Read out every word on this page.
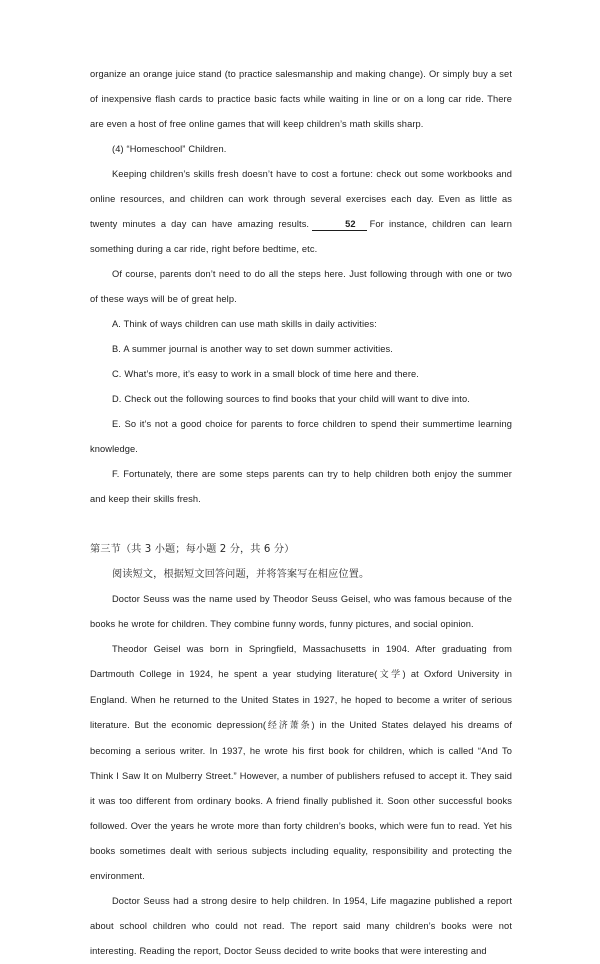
organize an orange juice stand (to practice salesmanship and making change). Or simply buy a set of inexpensive flash cards to practice basic facts while waiting in line or on a long car ride. There are even a host of free online games that will keep children’s math skills sharp.

(4) “Homeschool” Children.

Keeping children’s skills fresh doesn’t have to cost a fortune: check out some workbooks and online resources, and children can work through several exercises each day. Even as little as twenty minutes a day can have amazing results.	52 For instance, children can learn something during a car ride, right before bedtime, etc.

Of course, parents don’t need to do all the steps here. Just following through with one or two of these ways will be of great help.

A. Think of ways children can use math skills in daily activities:

B. A summer journal is another way to set down summer activities.

C. What’s more, it’s easy to work in a small block of time here and there.

D. Check out the following sources to find books that your child will want to dive into.

E. So it’s not a good choice for parents to force children to spend their summertime learning knowledge.

F. Fortunately, there are some steps parents can try to help children both enjoy the summer and keep their skills fresh.

第三节（共 3 小题；每小题 2 分，共 6 分）

阅读短文，根据短文回答问题，并将答案写在相应位置。

Doctor Seuss was the name used by Theodor Seuss Geisel, who was famous because of the books he wrote for children. They combine funny words, funny pictures, and social opinion.

Theodor Geisel was born in Springfield, Massachusetts in 1904. After graduating from Dartmouth College in 1924, he spent a year studying literature(文学) at Oxford University in England. When he returned to the United States in 1927, he hoped to become a writer of serious literature. But the economic depression(经济萧条) in the United States delayed his dreams of becoming a serious writer. In 1937, he wrote his first book for children, which is called “And To Think I Saw It on Mulberry Street.” However, a number of publishers refused to accept it. They said it was too different from ordinary books. A friend finally published it. Soon other successful books followed. Over the years he wrote more than forty children’s books, which were fun to read. Yet his books sometimes dealt with serious subjects including equality, responsibility and protecting the environment.

Doctor Seuss had a strong desire to help children. In 1954, Life magazine published a report about school children who could not read. The report said many children’s books were not interesting. Reading the report, Doctor Seuss decided to write books that were interesting and
